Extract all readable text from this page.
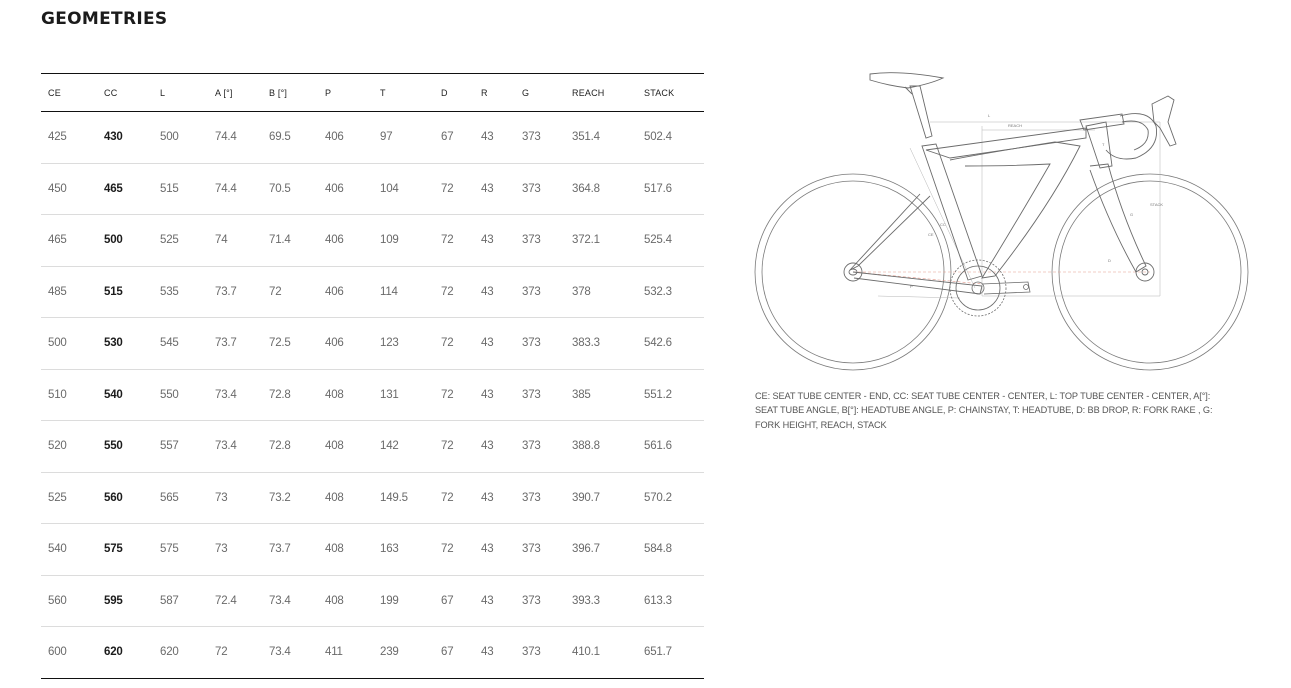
GEOMETRIES
CE	CC	L	A [°]	B [°]	P	T	D	R	G	REACH	STACK
425	430	500	74.4	69.5	406	97	67	43	373	351.4	502.4
450	465	515	74.4	70.5	406	104	72	43	373	364.8	517.6
465	500	525	74	71.4	406	109	72	43	373	372.1	525.4
485	515	535	73.7	72	406	114	72	43	373	378	532.3
500	530	545	73.7	72.5	406	123	72	43	373	383.3	542.6
510	540	550	73.4	72.8	408	131	72	43	373	385	551.2
520	550	557	73.4	72.8	408	142	72	43	373	388.8	561.6
525	560	565	73	73.2	408	149.5	72	43	373	390.7	570.2
540	575	575	73	73.7	408	163	72	43	373	396.7	584.8
560	595	587	72.4	73.4	408	199	67	43	373	393.3	613.3
600	620	620	72	73.4	411	239	67	43	373	410.1	651.7
L
REACH
STACK
P
CE
CC
T
D
G

CE: SEAT TUBE CENTER - END, CC: SEAT TUBE CENTER - CENTER, L: TOP TUBE CENTER - CENTER, A[°]: SEAT TUBE ANGLE, B[°]: HEADTUBE ANGLE, P: CHAINSTAY, T: HEADTUBE, D: BB DROP, R: FORK RAKE , G: FORK HEIGHT, REACH, STACK
